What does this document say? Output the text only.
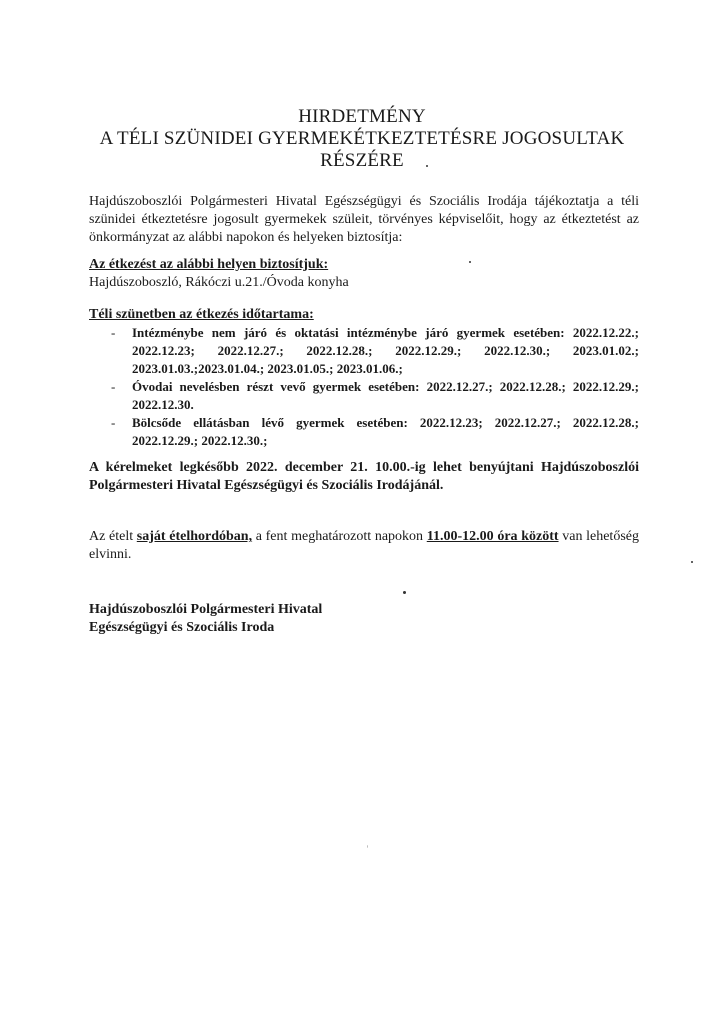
HIRDETMÉNY
A TÉLI SZÜNIDEI GYERMEKÉTKEZTETÉSRE JOGOSULTAK
RÉSZÉRE
Hajdúszoboszlói Polgármesteri Hivatal Egészségügyi és Szociális Irodája tájékoztatja a téli szünidei étkeztetésre jogosult gyermekek szüleit, törvényes képviselőit, hogy az étkeztetést az önkormányzat az alábbi napokon és helyeken biztosítja:
Az étkezést az alábbi helyen biztosítjuk:
Hajdúszoboszló, Rákóczi u.21./Óvoda konyha
Téli szünetben az étkezés időtartama:
- Intézménybe nem járó és oktatási intézménybe járó gyermek esetében: 2022.12.22.; 2022.12.23; 2022.12.27.; 2022.12.28.; 2022.12.29.; 2022.12.30.; 2023.01.02.; 2023.01.03.;2023.01.04.; 2023.01.05.; 2023.01.06.;
- Óvodai nevelésben részt vevő gyermek esetében: 2022.12.27.; 2022.12.28.; 2022.12.29.; 2022.12.30.
- Bölcsőde ellátásban lévő gyermek esetében: 2022.12.23; 2022.12.27.; 2022.12.28.; 2022.12.29.; 2022.12.30.;
A kérelmeket legkésőbb 2022. december 21. 10.00.-ig lehet benyújtani Hajdúszoboszlói Polgármesteri Hivatal Egészségügyi és Szociális Irodájánál.
Az ételt saját ételhordóban, a fent meghatározott napokon 11.00-12.00 óra között van lehetőség elvinni.
Hajdúszoboszlói Polgármesteri Hivatal
Egészségügyi és Szociális Iroda
